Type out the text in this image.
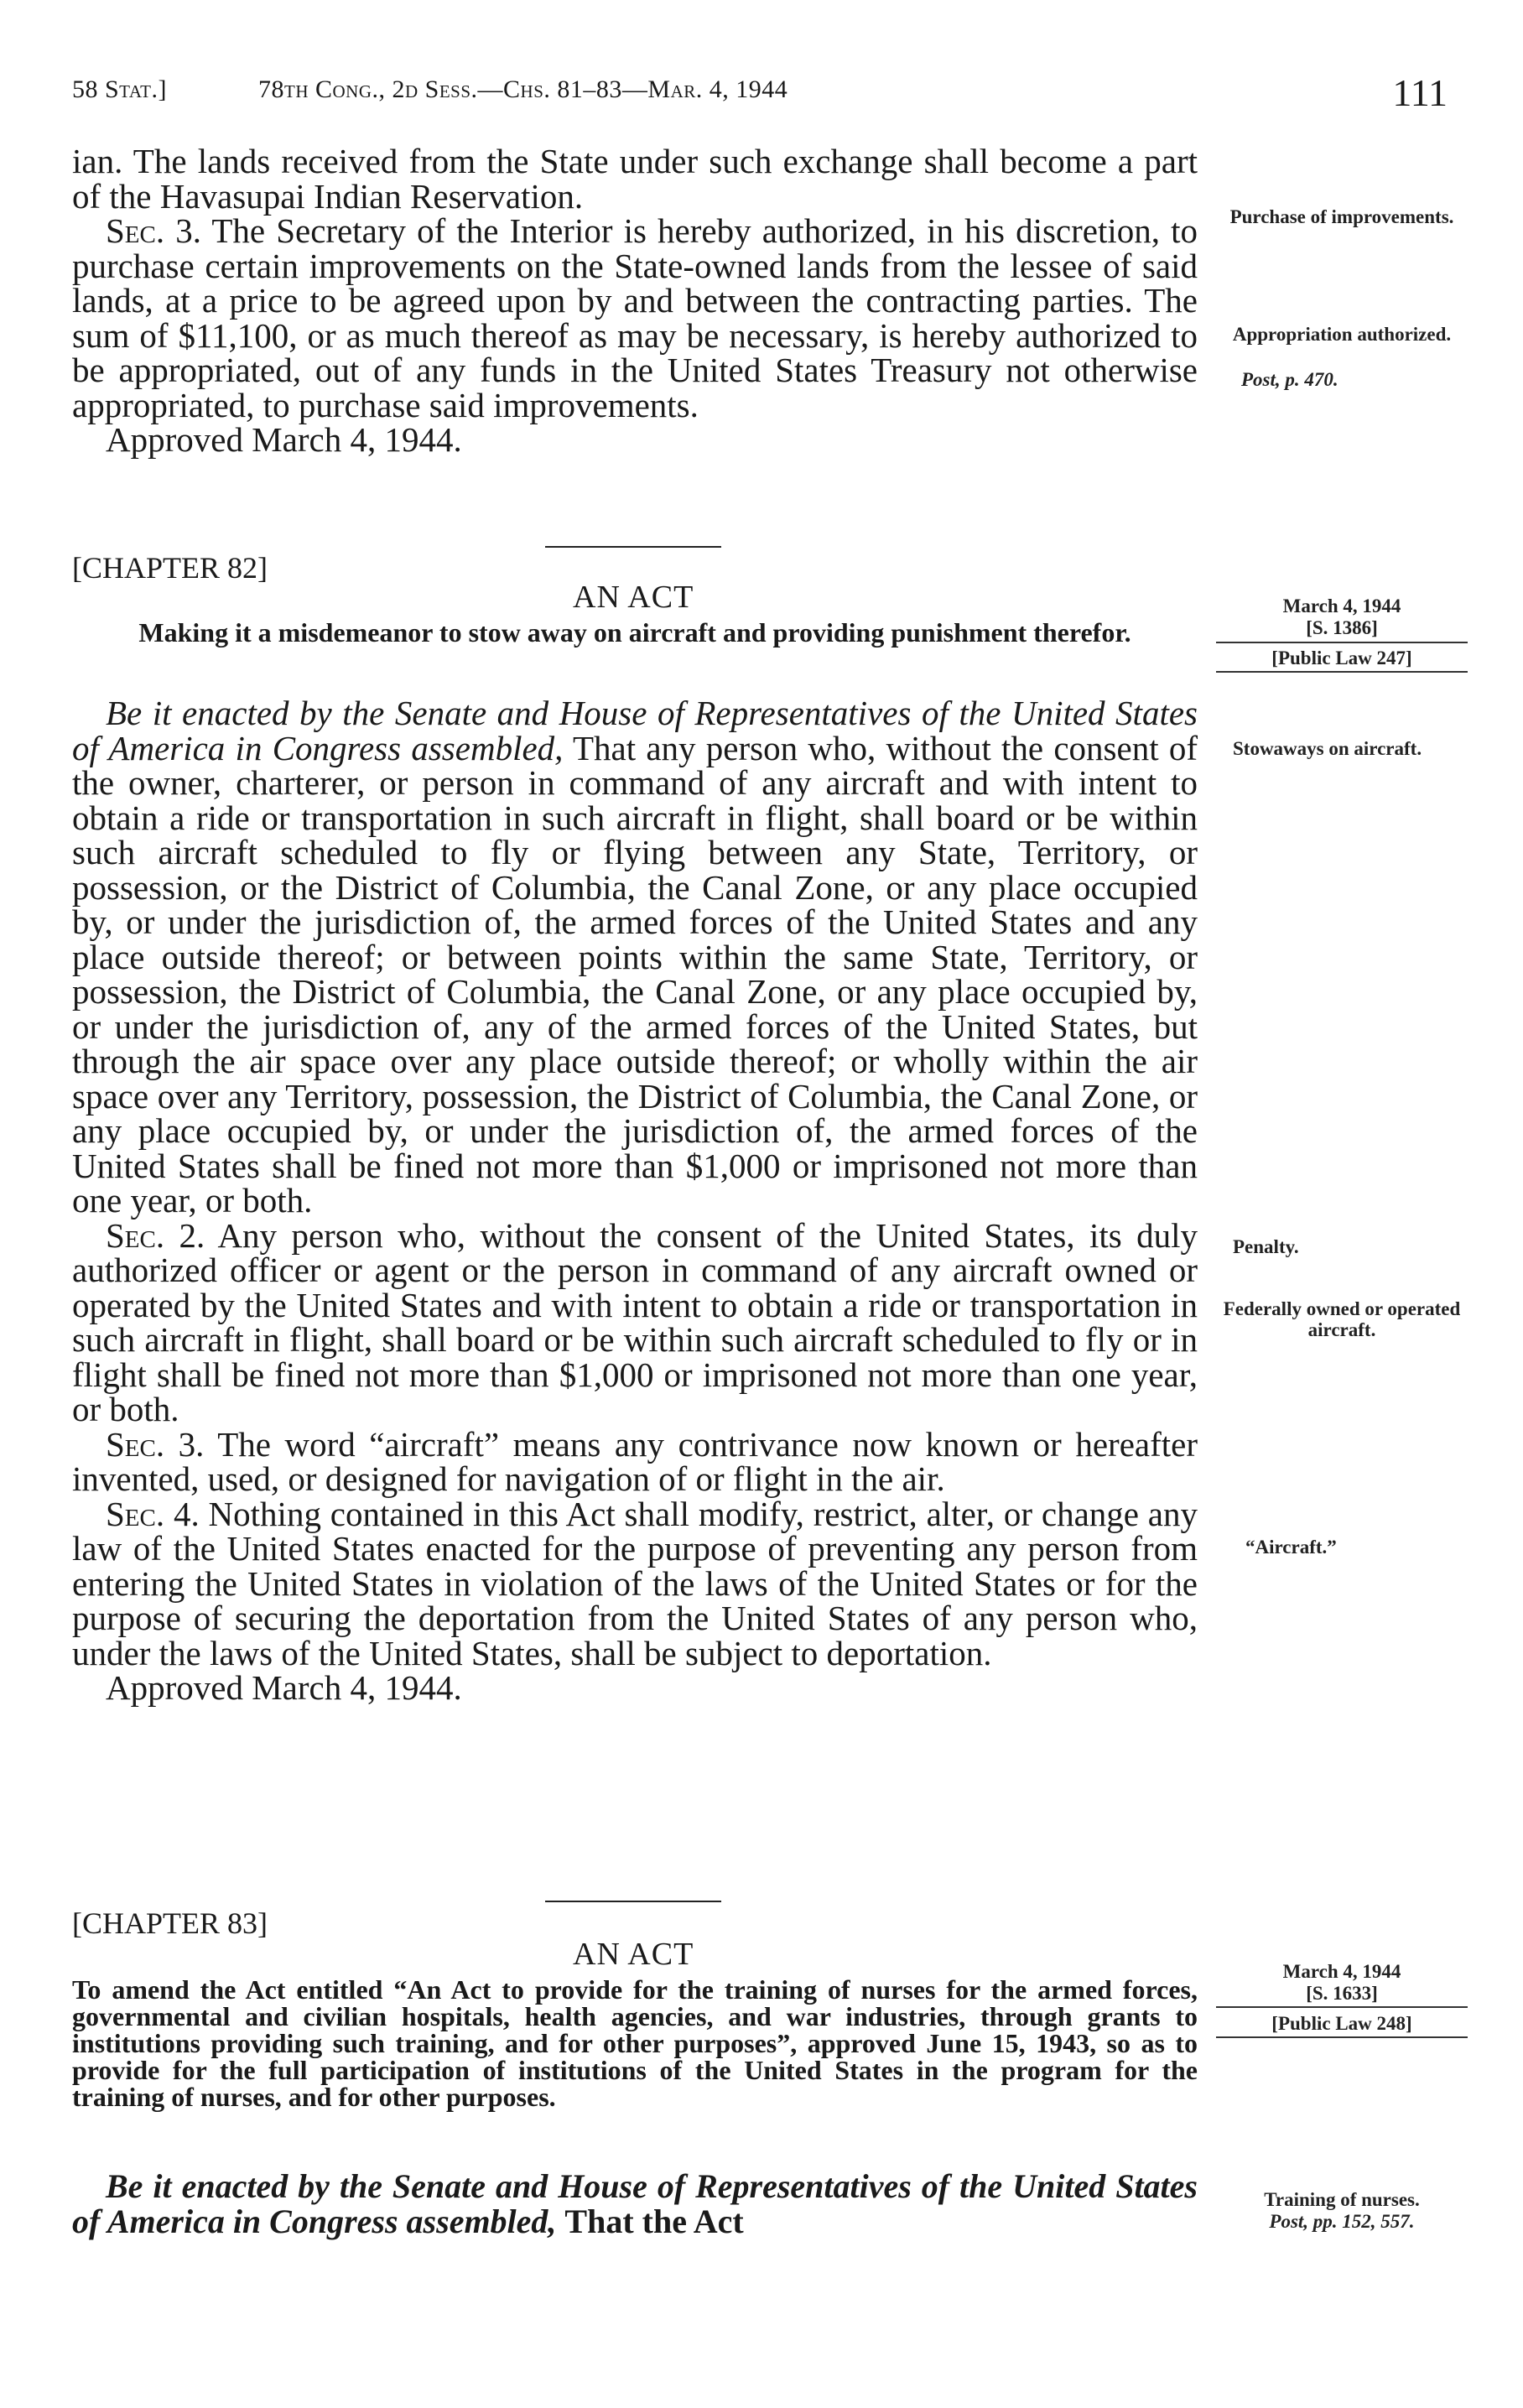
58 Stat.]	78th Cong., 2d Sess.—Chs. 81–83—Mar. 4, 1944	111

ian. The lands received from the State under such exchange shall become a part of the Havasupai Indian Reservation.

Sec. 3. The Secretary of the Interior is hereby authorized, in his discretion, to purchase certain improvements on the State-owned lands from the lessee of said lands, at a price to be agreed upon by and between the contracting parties. The sum of $11,100, or as much thereof as may be necessary, is hereby authorized to be appropriated, out of any funds in the United States Treasury not otherwise appropriated, to purchase said improvements.

Approved March 4, 1944.

[CHAPTER 82]
AN ACT
Making it a misdemeanor to stow away on aircraft and providing punishment therefor.

Be it enacted by the Senate and House of Representatives of the United States of America in Congress assembled, That any person who, without the consent of the owner, charterer, or person in command of any aircraft and with intent to obtain a ride or transportation in such aircraft in flight, shall board or be within such aircraft scheduled to fly or flying between any State, Territory, or possession, or the District of Columbia, the Canal Zone, or any place occupied by, or under the jurisdiction of, the armed forces of the United States and any place outside thereof; or between points within the same State, Territory, or possession, the District of Columbia, the Canal Zone, or any place occupied by, or under the jurisdiction of, any of the armed forces of the United States, but through the air space over any place outside thereof; or wholly within the air space over any Territory, possession, the District of Columbia, the Canal Zone, or any place occupied by, or under the jurisdiction of, the armed forces of the United States shall be fined not more than $1,000 or imprisoned not more than one year, or both.

Sec. 2. Any person who, without the consent of the United States, its duly authorized officer or agent or the person in command of any aircraft owned or operated by the United States and with intent to obtain a ride or transportation in such aircraft in flight, shall board or be within such aircraft scheduled to fly or in flight shall be fined not more than $1,000 or imprisoned not more than one year, or both.

Sec. 3. The word “aircraft” means any contrivance now known or hereafter invented, used, or designed for navigation of or flight in the air.

Sec. 4. Nothing contained in this Act shall modify, restrict, alter, or change any law of the United States enacted for the purpose of preventing any person from entering the United States in violation of the laws of the United States or for the purpose of securing the deportation from the United States of any person who, under the laws of the United States, shall be subject to deportation.

Approved March 4, 1944.

[CHAPTER 83]
AN ACT
To amend the Act entitled “An Act to provide for the training of nurses for the armed forces, governmental and civilian hospitals, health agencies, and war industries, through grants to institutions providing such training, and for other purposes”, approved June 15, 1943, so as to provide for the full participation of institutions of the United States in the program for the training of nurses, and for other purposes.

Be it enacted by the Senate and House of Representatives of the United States of America in Congress assembled, That the Act

Purchase of improvements.
Appropriation authorized.
Post, p. 470.
March 4, 1944
[S. 1386]
[Public Law 247]
Stowaways on aircraft.
Penalty.
Federally owned or operated aircraft.
“Aircraft.”
March 4, 1944
[S. 1633]
[Public Law 248]
Training of nurses.
Post, pp. 152, 557.
